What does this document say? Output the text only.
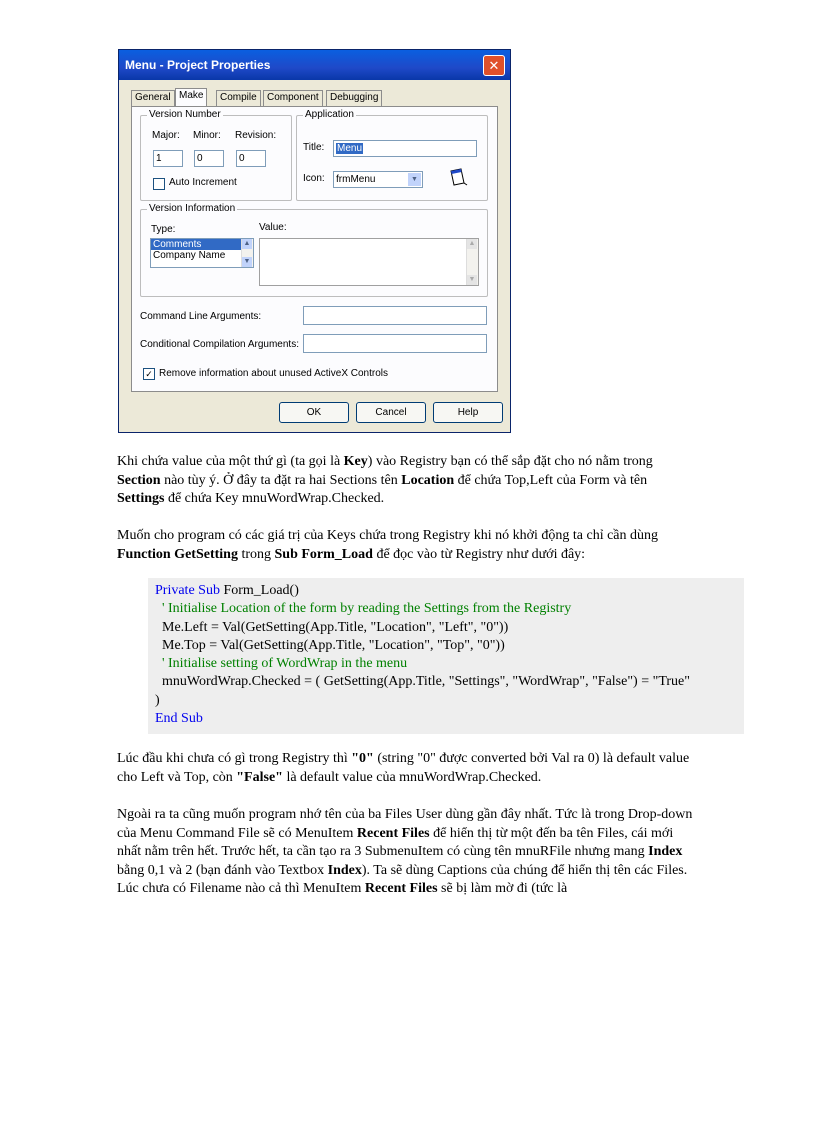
Menu - Project Properties	✕
General Make	Compile	Component	Debugging
Version Number
Major: Minor: Revision:
1	0	0
Auto Increment
Application
Title:	Menu
Icon: frmMenu	▼
Version Information
Type:	Value:
Comments
Company Name
▲
▼
▲
▼
Command Line Arguments:
Conditional Compilation Arguments:
✓ Remove information about unused ActiveX Controls
OK	Cancel	Help
Khi chứa value của một thứ gì (ta gọi là Key) vào Registry bạn có thể sắp đặt cho nó nằm trong
Section nào tùy ý. Ở đây ta đặt ra hai Sections tên Location để chứa Top,Left của Form và tên
Settings để chứa Key mnuWordWrap.Checked.
Muốn cho program có các giá trị của Keys chứa trong Registry khi nó khởi động ta chỉ cần dùng
Function GetSetting trong Sub Form_Load để đọc vào từ Registry như dưới đây:
Private Sub Form_Load()
' Initialise Location of the form by reading the Settings from the Registry
Me.Left = Val(GetSetting(App.Title, "Location", "Left", "0"))
Me.Top = Val(GetSetting(App.Title, "Location", "Top", "0"))
' Initialise setting of WordWrap in the menu
mnuWordWrap.Checked = ( GetSetting(App.Title, "Settings", "WordWrap", "False") = "True"
)
End Sub
Lúc đầu khi chưa có gì trong Registry thì "0" (string "0" được converted bởi Val ra 0) là default value
cho Left và Top, còn "False" là default value của mnuWordWrap.Checked.
Ngoài ra ta cũng muốn program nhớ tên của ba Files User dùng gần đây nhất. Tức là trong Drop-down
của Menu Command File sẽ có MenuItem Recent Files để hiển thị từ một đến ba tên Files, cái mới
nhất nằm trên hết. Trước hết, ta cần tạo ra 3 SubmenuItem có cùng tên mnuRFile nhưng mang Index
bằng 0,1 và 2 (bạn đánh vào Textbox Index). Ta sẽ dùng Captions của chúng để hiển thị tên các Files.
Lúc chưa có Filename nào cả thì MenuItem Recent Files sẽ bị làm mờ đi (tức là
